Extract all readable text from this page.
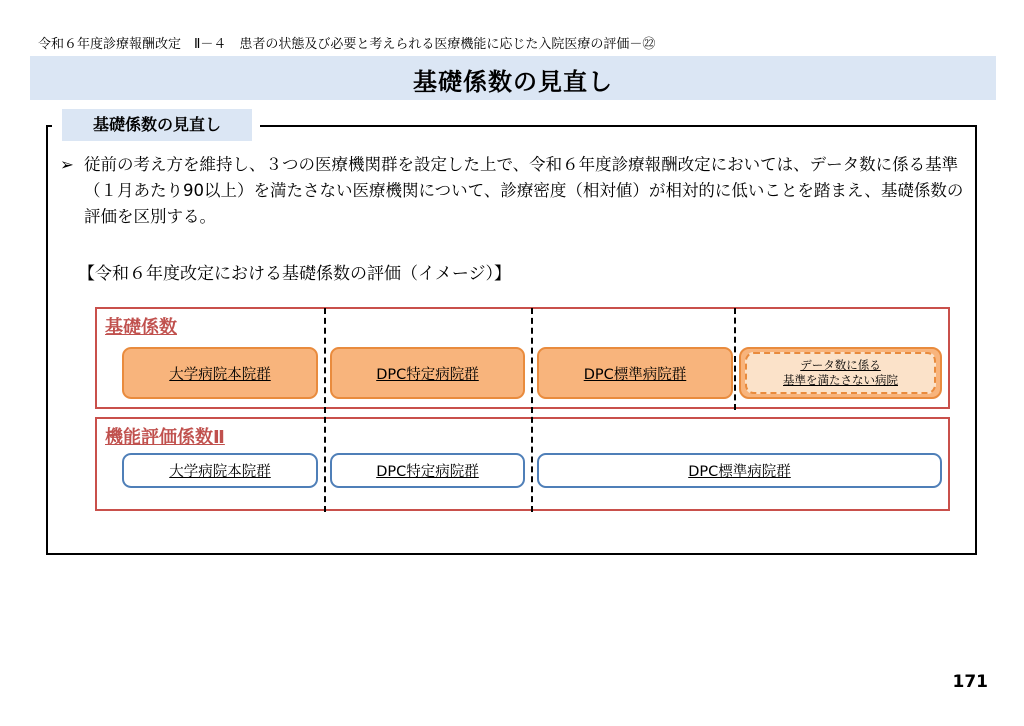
令和６年度診療報酬改定　Ⅱ－４　患者の状態及び必要と考えられる医療機能に応じた入院医療の評価－㉒
基礎係数の見直し
基礎係数の見直し
➢ 従前の考え方を維持し、３つの医療機関群を設定した上で、令和６年度診療報酬改定においては、データ数に係る基準（１月あたり90以上）を満たさない医療機関について、診療密度（相対値）が相対的に低いことを踏まえ、基礎係数の評価を区別する。
【令和６年度改定における基礎係数の評価（イメージ）】
基礎係数
大学病院本院群	DPC特定病院群	DPC標準病院群
データ数に係る
基準を満たさない病院
機能評価係数Ⅱ
大学病院本院群	DPC特定病院群	DPC標準病院群
171
